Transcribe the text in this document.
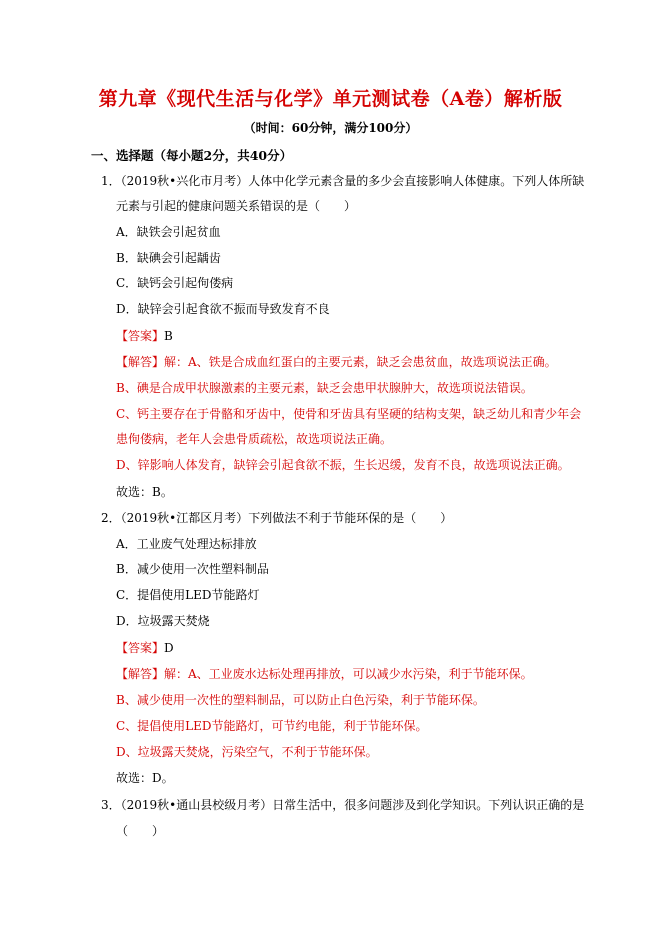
第九章《现代生活与化学》单元测试卷（A卷）解析版
（时间：60分钟，满分100分）
一、选择题（每小题2分，共40分）
1．（2019秋•兴化市月考）人体中化学元素含量的多少会直接影响人体健康。下列人体所缺
元素与引起的健康问题关系错误的是（　　）
A．缺铁会引起贫血
B．缺碘会引起龋齿
C．缺钙会引起佝偻病
D．缺锌会引起食欲不振而导致发育不良
【答案】B
【解答】解：A、铁是合成血红蛋白的主要元素，缺乏会患贫血，故选项说法正确。
B、碘是合成甲状腺激素的主要元素，缺乏会患甲状腺肿大，故选项说法错误。
C、钙主要存在于骨骼和牙齿中，使骨和牙齿具有坚硬的结构支架，缺乏幼儿和青少年会
患佝偻病，老年人会患骨质疏松，故选项说法正确。
D、锌影响人体发育，缺锌会引起食欲不振，生长迟缓，发育不良，故选项说法正确。
故选：B。
2．（2019秋•江都区月考）下列做法不利于节能环保的是（　　）
A．工业废气处理达标排放
B．减少使用一次性塑料制品
C．提倡使用LED节能路灯
D．垃圾露天焚烧
【答案】D
【解答】解：A、工业废水达标处理再排放，可以减少水污染，利于节能环保。
B、减少使用一次性的塑料制品，可以防止白色污染，利于节能环保。
C、提倡使用LED节能路灯，可节约电能，利于节能环保。
D、垃圾露天焚烧，污染空气，不利于节能环保。
故选：D。
3．（2019秋•通山县校级月考）日常生活中，很多问题涉及到化学知识。下列认识正确的是
（　　）
